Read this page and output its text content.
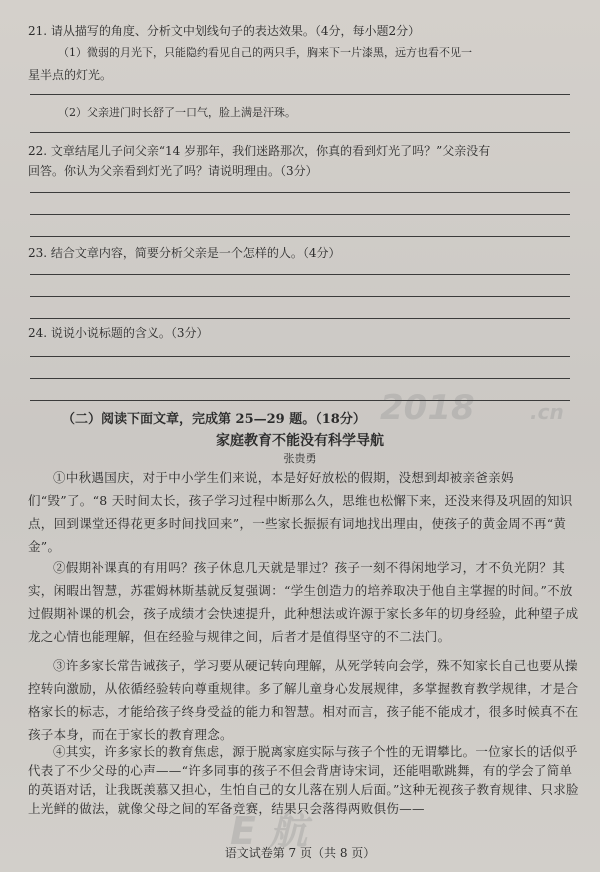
2018	.cn
E 航
21. 请从描写的角度、分析文中划线句子的表达效果。（4分，每小题2分）
（1）微弱的月光下，只能隐约看见自己的两只手，胸来下一片漆黑，远方也看不见一
星半点的灯光。
（2）父亲进门时长舒了一口气，脸上满是汗珠。
22. 文章结尾儿子问父亲“14 岁那年，我们迷路那次，你真的看到灯光了吗？”父亲没有
回答。你认为父亲看到灯光了吗？请说明理由。（3分）
23. 结合文章内容，简要分析父亲是一个怎样的人。（4分）
24. 说说小说标题的含义。（3分）
（二）阅读下面文章，完成第 25—29 题。（18分）
家庭教育不能没有科学导航
张贵勇
①中秋遇国庆，对于中小学生们来说，本是好好放松的假期，没想到却被亲爸亲妈们“毁”了。“8 天时间太长，孩子学习过程中断那么久，思维也松懈下来，还没来得及巩固的知识点，回到课堂还得花更多时间找回来”，一些家长振振有词地找出理由，使孩子的黄金周不再“黄金”。
②假期补课真的有用吗？孩子休息几天就是罪过？孩子一刻不得闲地学习，才不负光阴？其实，闲暇出智慧，苏霍姆林斯基就反复强调：“学生创造力的培养取决于他自主掌握的时间。”不放过假期补课的机会，孩子成绩才会快速提升，此种想法或许源于家长多年的切身经验，此种望子成龙之心情也能理解，但在经验与规律之间，后者才是值得坚守的不二法门。
③许多家长常告诫孩子，学习要从硬记转向理解，从死学转向会学，殊不知家长自己也要从操控转向激励，从依循经验转向尊重规律。多了解儿童身心发展规律，多掌握教育教学规律，才是合格家长的标志，才能给孩子终身受益的能力和智慧。相对而言，孩子能不能成才，很多时候真不在孩子本身，而在于家长的教育理念。
④其实，许多家长的教育焦虑，源于脱离家庭实际与孩子个性的无谓攀比。一位家长的话似乎代表了不少父母的心声——“许多同事的孩子不但会背唐诗宋词，还能唱歌跳舞，有的学会了简单的英语对话，让我既羡慕又担心，生怕自己的女儿落在别人后面。”这种无视孩子教育规律、只求脸上光鲜的做法，就像父母之间的军备竞赛，结果只会落得两败俱伤——
语文试卷第 7 页（共 8 页）
